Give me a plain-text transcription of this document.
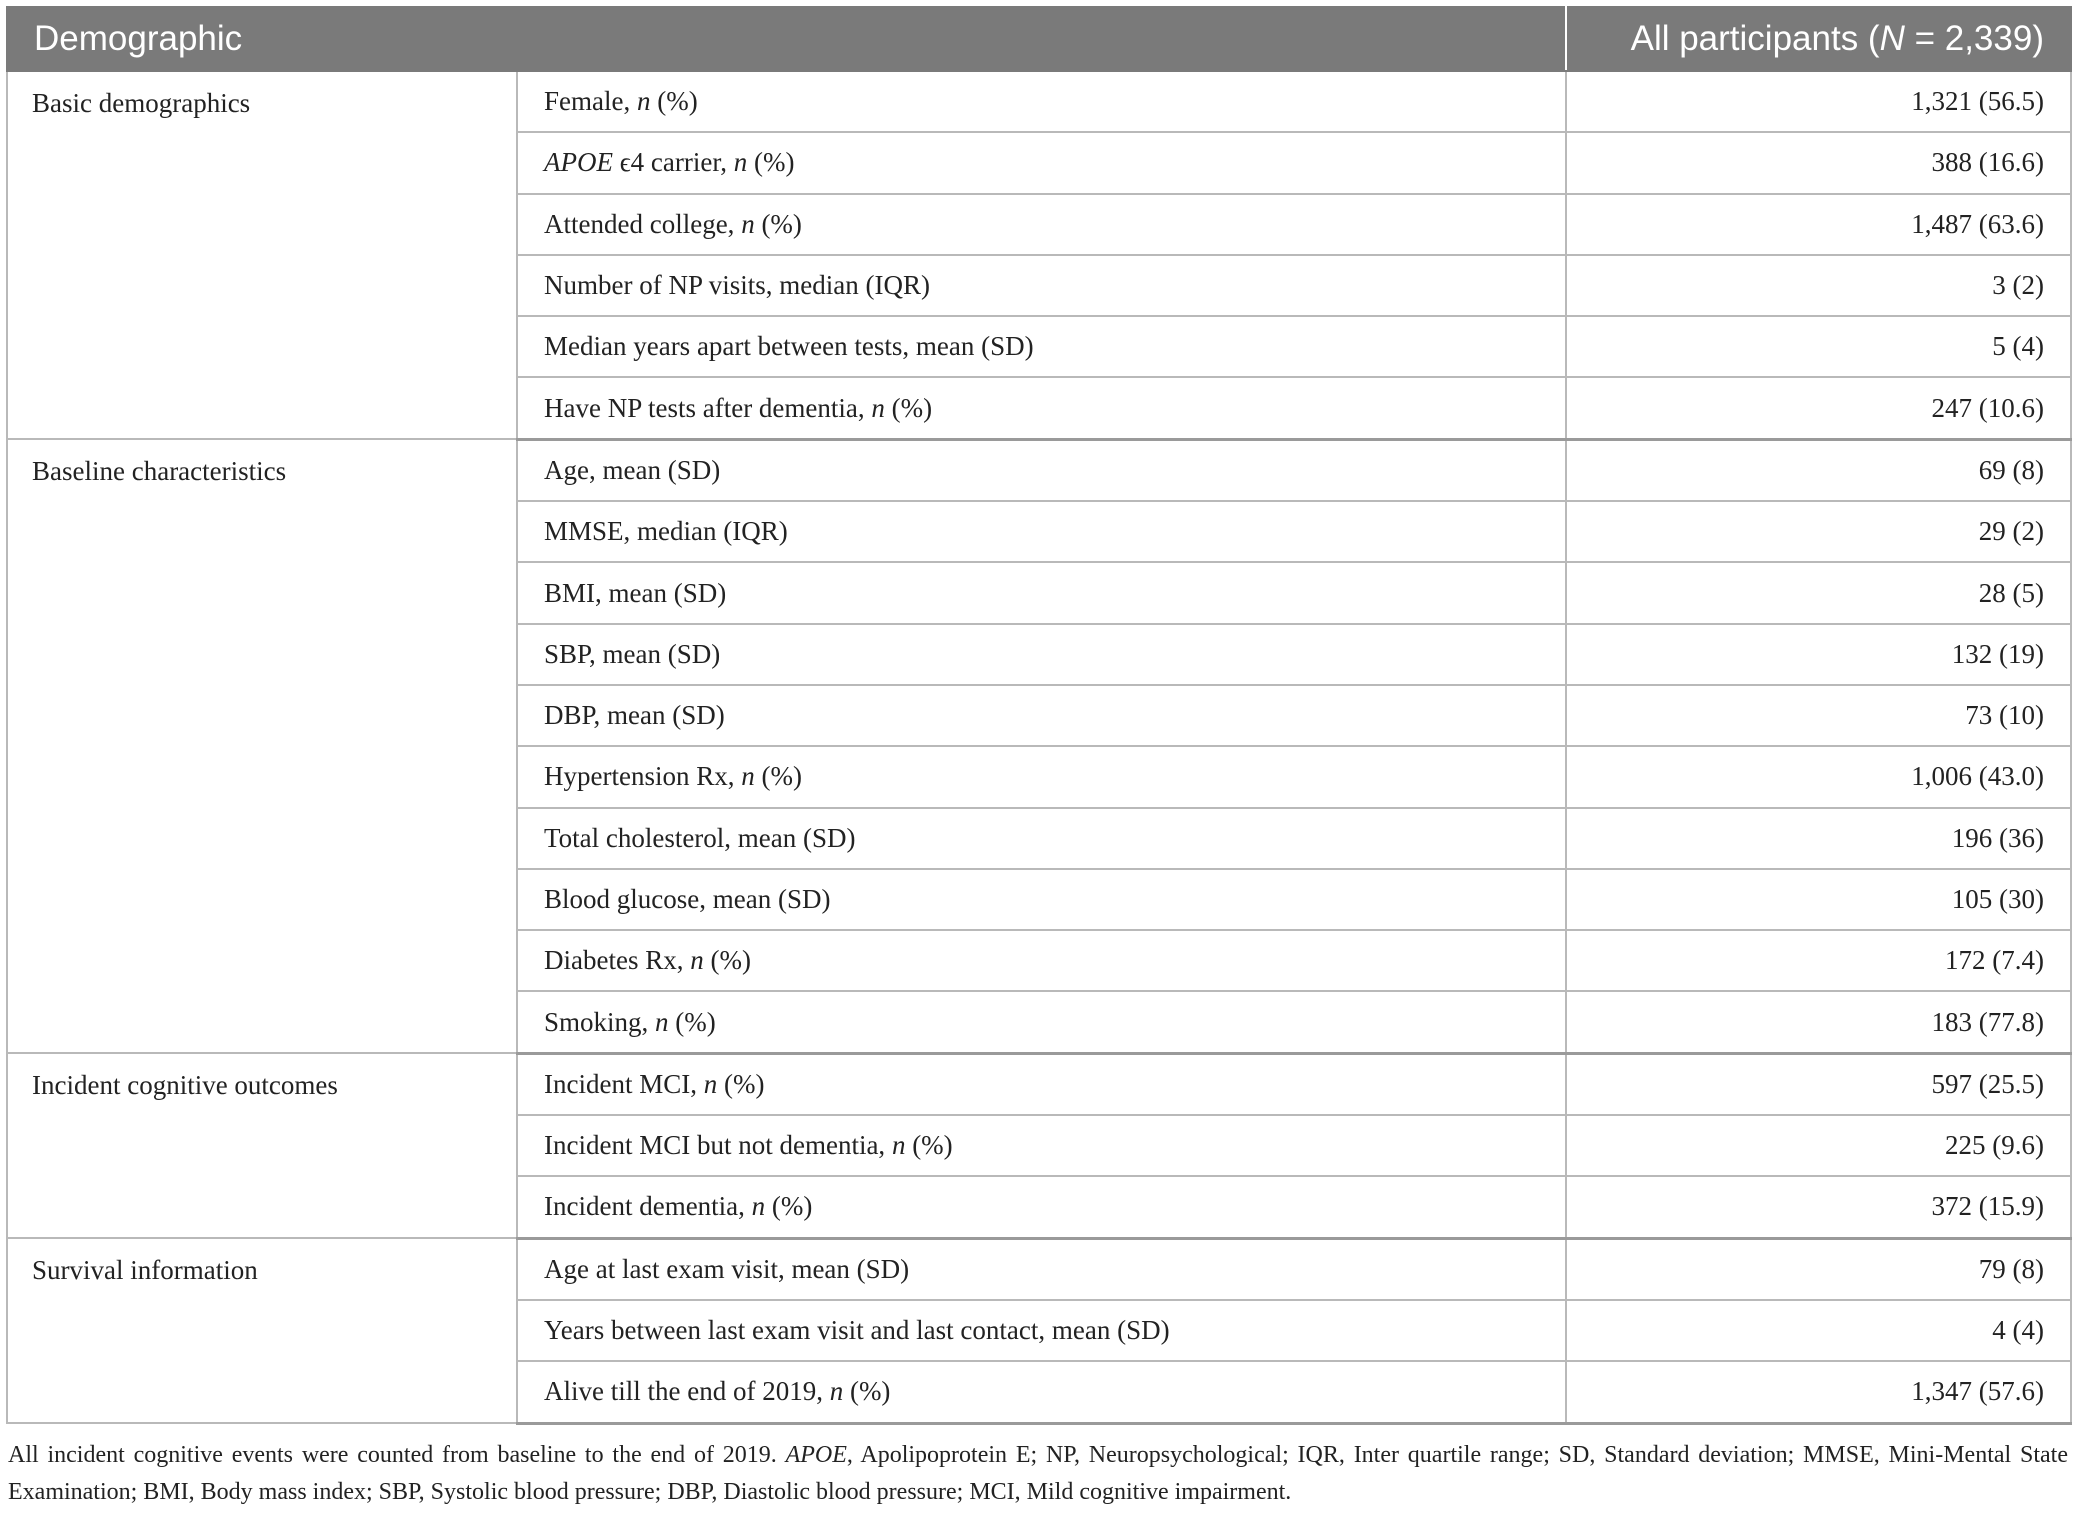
Demographic		All participants (N = 2,339)
Basic demographics	Female, n (%)	1,321 (56.5)
	APOE ϵ4 carrier, n (%)	388 (16.6)
	Attended college, n (%)	1,487 (63.6)
	Number of NP visits, median (IQR)	3 (2)
	Median years apart between tests, mean (SD)	5 (4)
	Have NP tests after dementia, n (%)	247 (10.6)
Baseline characteristics	Age, mean (SD)	69 (8)
	MMSE, median (IQR)	29 (2)
	BMI, mean (SD)	28 (5)
	SBP, mean (SD)	132 (19)
	DBP, mean (SD)	73 (10)
	Hypertension Rx, n (%)	1,006 (43.0)
	Total cholesterol, mean (SD)	196 (36)
	Blood glucose, mean (SD)	105 (30)
	Diabetes Rx, n (%)	172 (7.4)
	Smoking, n (%)	183 (77.8)
Incident cognitive outcomes	Incident MCI, n (%)	597 (25.5)
	Incident MCI but not dementia, n (%)	225 (9.6)
	Incident dementia, n (%)	372 (15.9)
Survival information	Age at last exam visit, mean (SD)	79 (8)
	Years between last exam visit and last contact, mean (SD)	4 (4)
	Alive till the end of 2019, n (%)	1,347 (57.6)
All incident cognitive events were counted from baseline to the end of 2019. APOE, Apolipoprotein E; NP, Neuropsychological; IQR, Inter quartile range; SD, Standard deviation; MMSE, Mini-Mental State Examination; BMI, Body mass index; SBP, Systolic blood pressure; DBP, Diastolic blood pressure; MCI, Mild cognitive impairment.
